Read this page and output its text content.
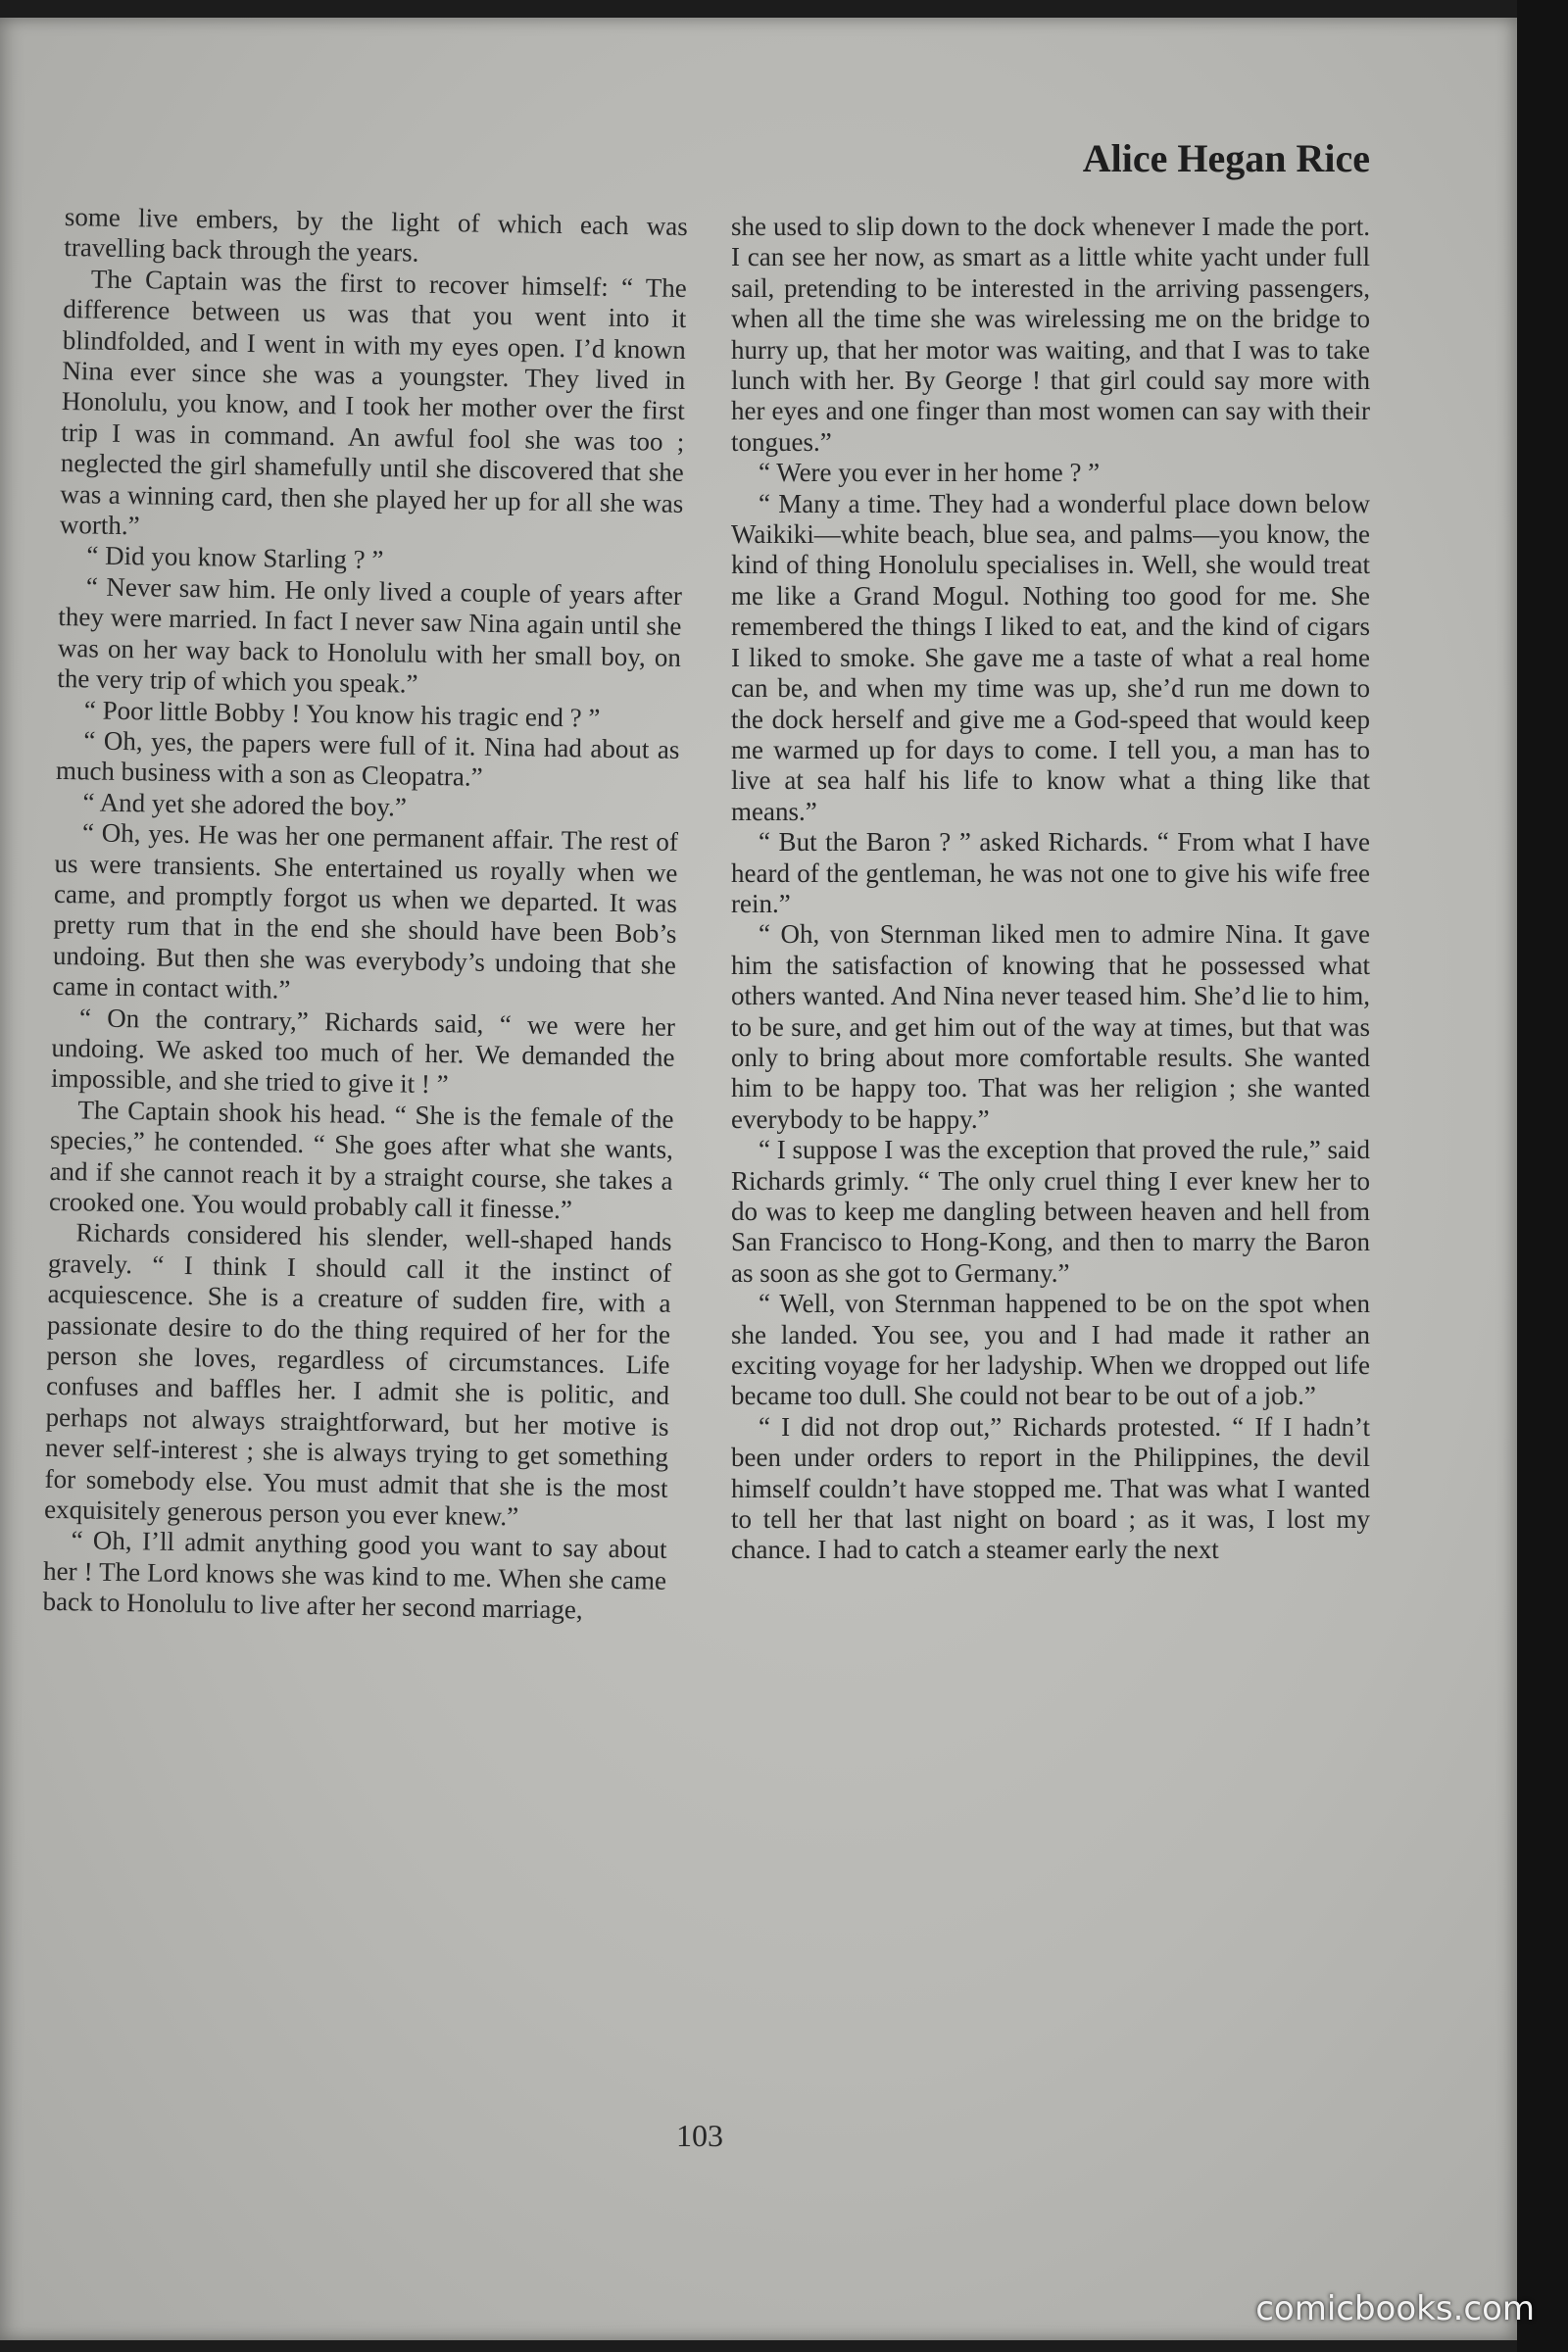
Alice Hegan Rice

some live embers, by the light of which each was travelling back through the years.

The Captain was the first to recover himself: “ The difference between us was that you went into it blindfolded, and I went in with my eyes open. I’d known Nina ever since she was a youngster. They lived in Honolulu, you know, and I took her mother over the first trip I was in command. An awful fool she was too ; neglected the girl shamefully until she discovered that she was a winning card, then she played her up for all she was worth.”

“ Did you know Starling ? ”

“ Never saw him. He only lived a couple of years after they were married. In fact I never saw Nina again until she was on her way back to Honolulu with her small boy, on the very trip of which you speak.”

“ Poor little Bobby ! You know his tragic end ? ”

“ Oh, yes, the papers were full of it. Nina had about as much business with a son as Cleopatra.”

“ And yet she adored the boy.”

“ Oh, yes. He was her one permanent affair. The rest of us were transients. She entertained us royally when we came, and promptly forgot us when we departed. It was pretty rum that in the end she should have been Bob’s undoing. But then she was everybody’s undoing that she came in contact with.”

“ On the contrary,” Richards said, “ we were her undoing. We asked too much of her. We demanded the impossible, and she tried to give it ! ”

The Captain shook his head. “ She is the female of the species,” he contended. “ She goes after what she wants, and if she cannot reach it by a straight course, she takes a crooked one. You would probably call it finesse.”

Richards considered his slender, well-shaped hands gravely. “ I think I should call it the instinct of acquiescence. She is a creature of sudden fire, with a passionate desire to do the thing required of her for the person she loves, regardless of circumstances. Life confuses and baffles her. I admit she is politic, and perhaps not always straightforward, but her motive is never self-interest ; she is always trying to get something for somebody else. You must admit that she is the most exquisitely generous person you ever knew.”

“ Oh, I’ll admit anything good you want to say about her ! The Lord knows she was kind to me. When she came back to Honolulu to live after her second marriage,

she used to slip down to the dock whenever I made the port. I can see her now, as smart as a little white yacht under full sail, pretending to be interested in the arriving passengers, when all the time she was wirelessing me on the bridge to hurry up, that her motor was waiting, and that I was to take lunch with her. By George ! that girl could say more with her eyes and one finger than most women can say with their tongues.”

“ Were you ever in her home ? ”

“ Many a time. They had a wonderful place down below Waikiki—white beach, blue sea, and palms—you know, the kind of thing Honolulu specialises in. Well, she would treat me like a Grand Mogul. Nothing too good for me. She remembered the things I liked to eat, and the kind of cigars I liked to smoke. She gave me a taste of what a real home can be, and when my time was up, she’d run me down to the dock herself and give me a God-speed that would keep me warmed up for days to come. I tell you, a man has to live at sea half his life to know what a thing like that means.”

“ But the Baron ? ” asked Richards. “ From what I have heard of the gentleman, he was not one to give his wife free rein.”

“ Oh, von Sternman liked men to admire Nina. It gave him the satisfaction of knowing that he possessed what others wanted. And Nina never teased him. She’d lie to him, to be sure, and get him out of the way at times, but that was only to bring about more comfortable results. She wanted him to be happy too. That was her religion ; she wanted everybody to be happy.”

“ I suppose I was the exception that proved the rule,” said Richards grimly. “ The only cruel thing I ever knew her to do was to keep me dangling between heaven and hell from San Francisco to Hong-Kong, and then to marry the Baron as soon as she got to Germany.”

“ Well, von Sternman happened to be on the spot when she landed. You see, you and I had made it rather an exciting voyage for her ladyship. When we dropped out life became too dull. She could not bear to be out of a job.”

“ I did not drop out,” Richards protested. “ If I hadn’t been under orders to report in the Philippines, the devil himself couldn’t have stopped me. That was what I wanted to tell her that last night on board ; as it was, I lost my chance. I had to catch a steamer early the next

103
comicbooks.com
